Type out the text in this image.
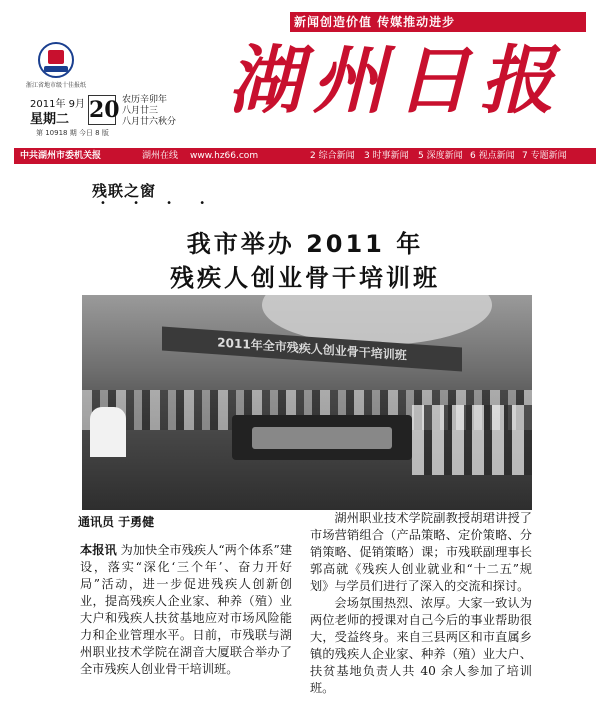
新闻创造价值 传媒推动进步
浙江省地市级十佳报纸 湖州日报
2011年 9月
星期二 20 农历辛卯年
八月廿三
八月廿六秋分
第 10918 期 今日 8 版
中共湖州市委机关报	湖州在线 www.hz66.com	2 综合新闻 3 时事新闻 5 深度新闻 6 视点新闻 7 专题新闻
残联之窗
• • • •
我市举办 2011 年
残疾人创业骨干培训班
2011年全市残疾人创业骨干培训班
通讯员 于勇健
本报讯 为加快全市残疾人“两个体系”建设，落实“深化‘三个年’、奋力开好局”活动，进一步促进残疾人创新创业，提高残疾人企业家、种养（殖）业大户和残疾人扶贫基地应对市场风险能力和企业管理水平。日前，市残联与湖州职业技术学院在湖音大厦联合举办了全市残疾人创业骨干培训班。

湖州职业技术学院副教授胡珺讲授了市场营销组合（产品策略、定价策略、分销策略、促销策略）课；市残联副理事长郭高就《残疾人创业就业和“十二五”规划》与学员们进行了深入的交流和探讨。

会场氛围热烈、浓厚。大家一致认为两位老师的授课对自己今后的事业帮助很大，受益终身。来自三县两区和市直属乡镇的残疾人企业家、种养（殖）业大户、扶贫基地负责人共 40 余人参加了培训班。
